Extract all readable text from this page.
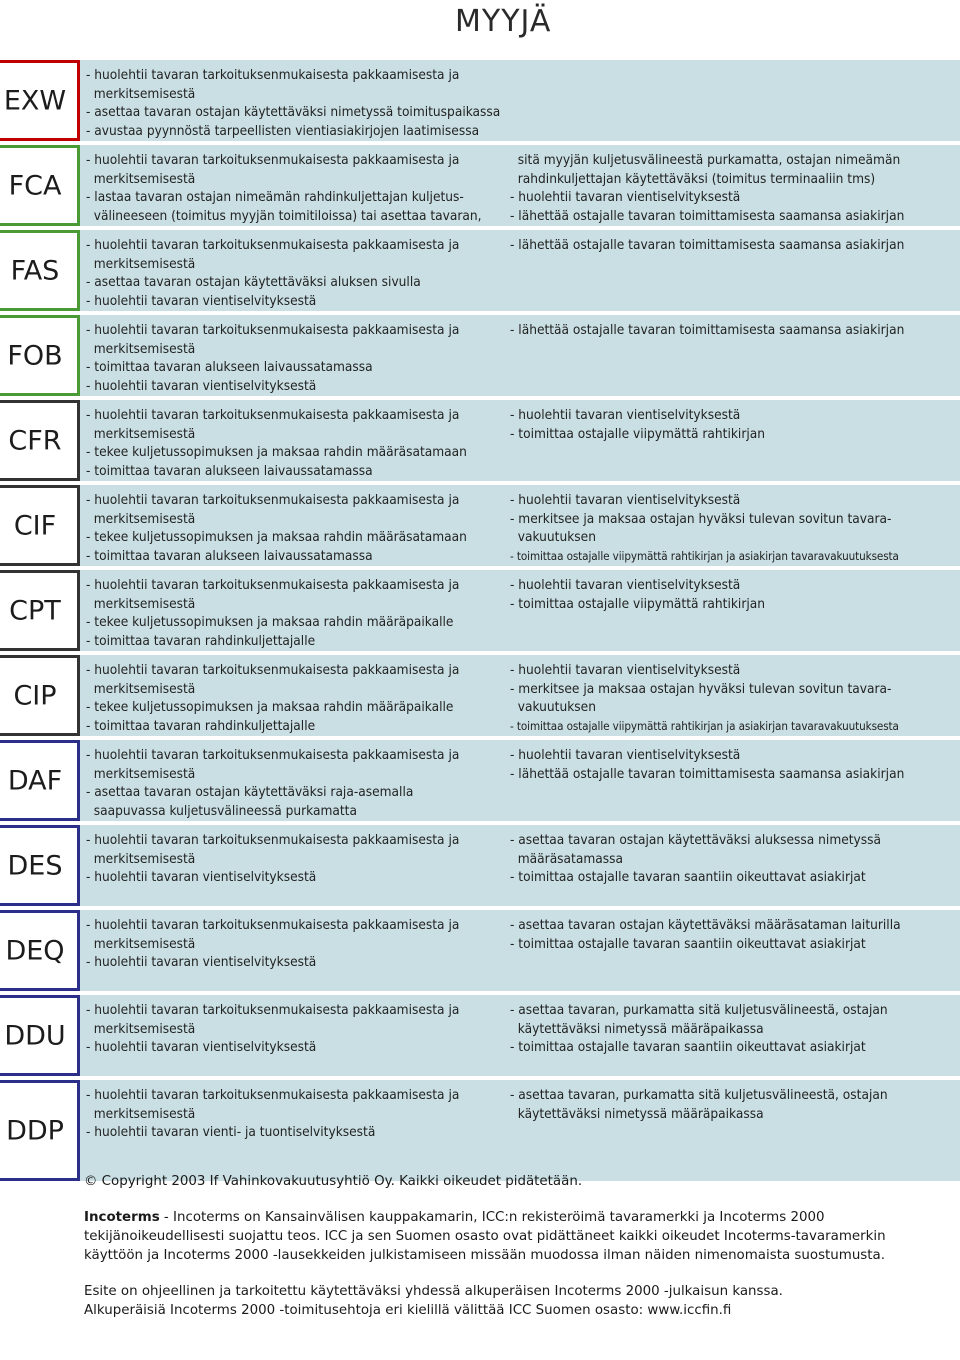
MYYJÄ
EXW
- huolehtii tavaran tarkoituksenmukaisesta pakkaamisesta ja
merkitsemisestä
- asettaa tavaran ostajan käytettäväksi nimetyssä toimituspaikassa
- avustaa pyynnöstä tarpeellisten vientiasiakirjojen laatimisessa
FCA
- huolehtii tavaran tarkoituksenmukaisesta pakkaamisesta ja
merkitsemisestä
- lastaa tavaran ostajan nimeämän rahdinkuljettajan kuljetus-
välineeseen (toimitus myyjän toimitiloissa) tai asettaa tavaran,
sitä myyjän kuljetusvälineestä purkamatta, ostajan nimeämän
rahdinkuljettajan käytettäväksi (toimitus terminaaliin tms)
- huolehtii tavaran vientiselvityksestä
- lähettää ostajalle tavaran toimittamisesta saamansa asiakirjan
FAS
- huolehtii tavaran tarkoituksenmukaisesta pakkaamisesta ja
merkitsemisestä
- asettaa tavaran ostajan käytettäväksi aluksen sivulla
- huolehtii tavaran vientiselvityksestä
- lähettää ostajalle tavaran toimittamisesta saamansa asiakirjan
FOB
- huolehtii tavaran tarkoituksenmukaisesta pakkaamisesta ja
merkitsemisestä
- toimittaa tavaran alukseen laivaussatamassa
- huolehtii tavaran vientiselvityksestä
- lähettää ostajalle tavaran toimittamisesta saamansa asiakirjan
CFR
- huolehtii tavaran tarkoituksenmukaisesta pakkaamisesta ja
merkitsemisestä
- tekee kuljetussopimuksen ja maksaa rahdin määräsatamaan
- toimittaa tavaran alukseen laivaussatamassa
- huolehtii tavaran vientiselvityksestä
- toimittaa ostajalle viipymättä rahtikirjan
CIF
- huolehtii tavaran tarkoituksenmukaisesta pakkaamisesta ja
merkitsemisestä
- tekee kuljetussopimuksen ja maksaa rahdin määräsatamaan
- toimittaa tavaran alukseen laivaussatamassa
- huolehtii tavaran vientiselvityksestä
- merkitsee ja maksaa ostajan hyväksi tulevan sovitun tavara-
vakuutuksen
- toimittaa ostajalle viipymättä rahtikirjan ja asiakirjan tavaravakuutuksesta
CPT
- huolehtii tavaran tarkoituksenmukaisesta pakkaamisesta ja
merkitsemisestä
- tekee kuljetussopimuksen ja maksaa rahdin määräpaikalle
- toimittaa tavaran rahdinkuljettajalle
- huolehtii tavaran vientiselvityksestä
- toimittaa ostajalle viipymättä rahtikirjan
CIP
- huolehtii tavaran tarkoituksenmukaisesta pakkaamisesta ja
merkitsemisestä
- tekee kuljetussopimuksen ja maksaa rahdin määräpaikalle
- toimittaa tavaran rahdinkuljettajalle
- huolehtii tavaran vientiselvityksestä
- merkitsee ja maksaa ostajan hyväksi tulevan sovitun tavara-
vakuutuksen
- toimittaa ostajalle viipymättä rahtikirjan ja asiakirjan tavaravakuutuksesta
DAF
- huolehtii tavaran tarkoituksenmukaisesta pakkaamisesta ja
merkitsemisestä
- asettaa tavaran ostajan käytettäväksi raja-asemalla
saapuvassa kuljetusvälineessä purkamatta
- huolehtii tavaran vientiselvityksestä
- lähettää ostajalle tavaran toimittamisesta saamansa asiakirjan
DES
- huolehtii tavaran tarkoituksenmukaisesta pakkaamisesta ja
merkitsemisestä
- huolehtii tavaran vientiselvityksestä
- asettaa tavaran ostajan käytettäväksi aluksessa nimetyssä
määräsatamassa
- toimittaa ostajalle tavaran saantiin oikeuttavat asiakirjat
DEQ
- huolehtii tavaran tarkoituksenmukaisesta pakkaamisesta ja
merkitsemisestä
- huolehtii tavaran vientiselvityksestä
- asettaa tavaran ostajan käytettäväksi määräsataman laiturilla
- toimittaa ostajalle tavaran saantiin oikeuttavat asiakirjat
DDU
- huolehtii tavaran tarkoituksenmukaisesta pakkaamisesta ja
merkitsemisestä
- huolehtii tavaran vientiselvityksestä
- asettaa tavaran, purkamatta sitä kuljetusvälineestä, ostajan
käytettäväksi nimetyssä määräpaikassa
- toimittaa ostajalle tavaran saantiin oikeuttavat asiakirjat
DDP
- huolehtii tavaran tarkoituksenmukaisesta pakkaamisesta ja
merkitsemisestä
- huolehtii tavaran vienti- ja tuontiselvityksestä
- asettaa tavaran, purkamatta sitä kuljetusvälineestä, ostajan
käytettäväksi nimetyssä määräpaikassa

© Copyright 2003 If Vahinkovakuutusyhtiö Oy. Kaikki oikeudet pidätetään.

Incoterms - Incoterms on Kansainvälisen kauppakamarin, ICC:n rekisteröimä tavaramerkki ja Incoterms 2000 tekijänoikeudellisesti suojattu teos. ICC ja sen Suomen osasto ovat pidättäneet kaikki oikeudet Incoterms-tavaramerkin käyttöön ja Incoterms 2000 -lausekkeiden julkistamiseen missään muodossa ilman näiden nimenomaista suostumusta.

Esite on ohjeellinen ja tarkoitettu käytettäväksi yhdessä alkuperäisen Incoterms 2000 -julkaisun kanssa.

Alkuperäisiä Incoterms 2000 -toimitusehtoja eri kielillä välittää ICC Suomen osasto: www.iccfin.fi
